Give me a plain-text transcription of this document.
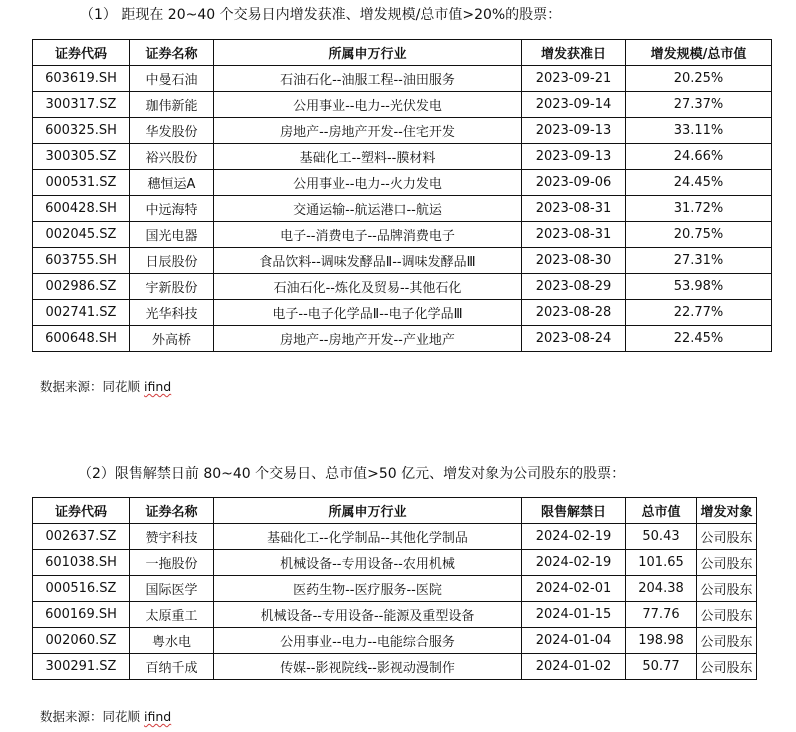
（1） 距现在 20~40 个交易日内增发获准、增发规模/总市值>20%的股票：
证券代码	证券名称	所属申万行业	增发获准日	增发规模/总市值
603619.SH	中曼石油	石油石化--油服工程--油田服务	2023-09-21	20.25%
300317.SZ	珈伟新能	公用事业--电力--光伏发电	2023-09-14	27.37%
600325.SH	华发股份	房地产--房地产开发--住宅开发	2023-09-13	33.11%
300305.SZ	裕兴股份	基础化工--塑料--膜材料	2023-09-13	24.66%
000531.SZ	穗恒运A	公用事业--电力--火力发电	2023-09-06	24.45%
600428.SH	中远海特	交通运输--航运港口--航运	2023-08-31	31.72%
002045.SZ	国光电器	电子--消费电子--品牌消费电子	2023-08-31	20.75%
603755.SH	日辰股份	食品饮料--调味发酵品Ⅱ--调味发酵品Ⅲ	2023-08-30	27.31%
002986.SZ	宇新股份	石油石化--炼化及贸易--其他石化	2023-08-29	53.98%
002741.SZ	光华科技	电子--电子化学品Ⅱ--电子化学品Ⅲ	2023-08-28	22.77%
600648.SH	外高桥	房地产--房地产开发--产业地产	2023-08-24	22.45%
数据来源：同花顺 ifind
（2）限售解禁日前 80~40 个交易日、总市值>50 亿元、增发对象为公司股东的股票：
证券代码	证券名称	所属申万行业	限售解禁日	总市值	增发对象
002637.SZ	赞宇科技	基础化工--化学制品--其他化学制品	2024-02-19	50.43	公司股东
601038.SH	一拖股份	机械设备--专用设备--农用机械	2024-02-19	101.65	公司股东
000516.SZ	国际医学	医药生物--医疗服务--医院	2024-02-01	204.38	公司股东
600169.SH	太原重工	机械设备--专用设备--能源及重型设备	2024-01-15	77.76	公司股东
002060.SZ	粤水电	公用事业--电力--电能综合服务	2024-01-04	198.98	公司股东
300291.SZ	百纳千成	传媒--影视院线--影视动漫制作	2024-01-02	50.77	公司股东
数据来源：同花顺 ifind
